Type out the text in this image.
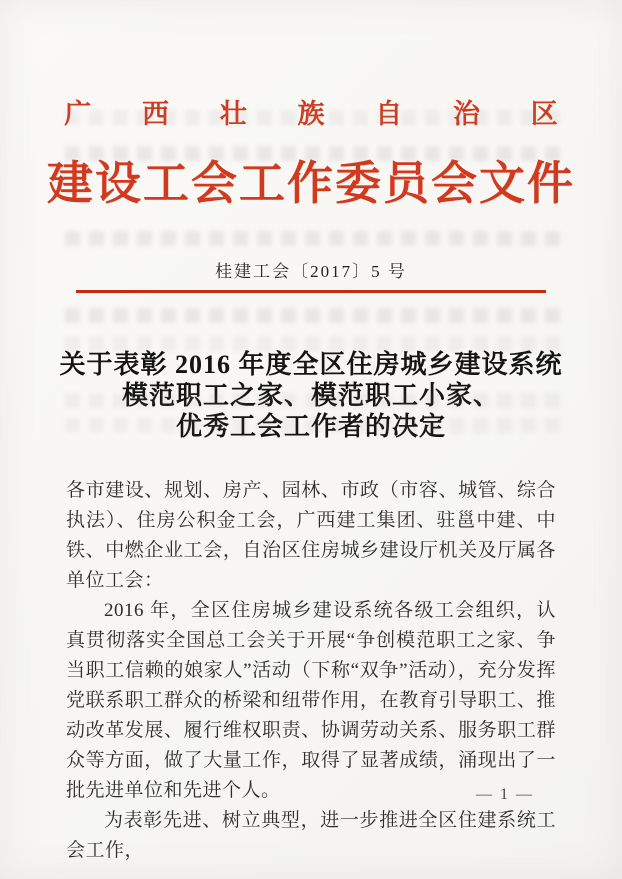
广 西 壮 族 自 治 区
建设工会工作委员会文件
桂建工会〔2017〕5 号
关于表彰 2016 年度全区住房城乡建设系统
模范职工之家、模范职工小家、
优秀工会工作者的决定

各市建设、规划、房产、园林、市政（市容、城管、综合执法）、住房公积金工会，广西建工集团、驻邕中建、中铁、中燃企业工会，自治区住房城乡建设厅机关及厅属各单位工会：

2016 年，全区住房城乡建设系统各级工会组织，认真贯彻落实全国总工会关于开展“争创模范职工之家、争当职工信赖的娘家人”活动（下称“双争”活动），充分发挥党联系职工群众的桥梁和纽带作用，在教育引导职工、推动改革发展、履行维权职责、协调劳动关系、服务职工群众等方面，做了大量工作，取得了显著成绩，涌现出了一批先进单位和先进个人。

为表彰先进、树立典型，进一步推进全区住建系统工会工作，

— 1 —
